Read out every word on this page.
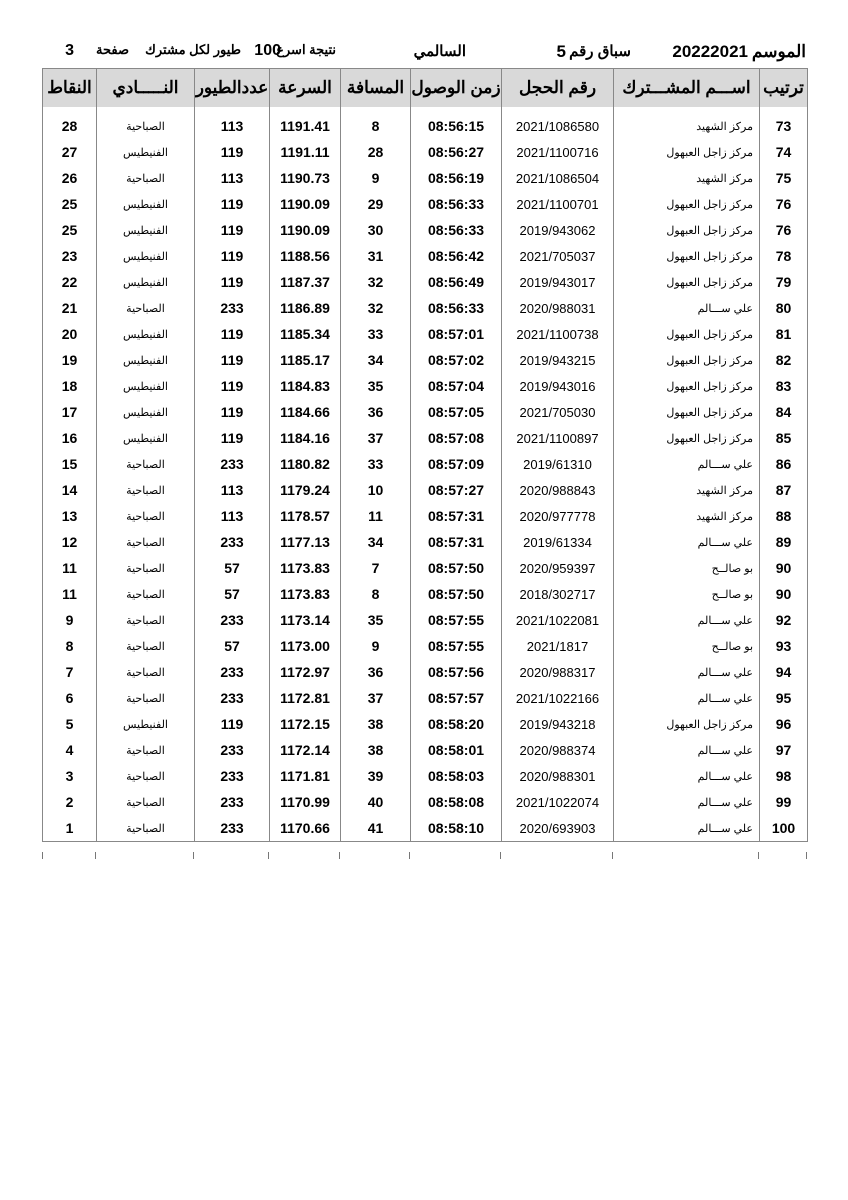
الموسم
20222021
سباق رقم
5
السالمي
نتيجة اسرع
100
طيور لكل مشترك
صفحة
3
ترتيب	اســـم المشـــترك	رقم الحجل	زمن الوصول	المسافة	السرعة	عددالطيور	النـــــادي	النقاط

73	مركز الشهيد	2021/1086580	08:56:15	8	1191.41	113	الصباحية	28
74	مركز زاجل العبهول	2021/1100716	08:56:27	28	1191.11	119	الفنيطيس	27
75	مركز الشهيد	2021/1086504	08:56:19	9	1190.73	113	الصباحية	26
76	مركز زاجل العبهول	2021/1100701	08:56:33	29	1190.09	119	الفنيطيس	25
76	مركز زاجل العبهول	2019/943062	08:56:33	30	1190.09	119	الفنيطيس	25
78	مركز زاجل العبهول	2021/705037	08:56:42	31	1188.56	119	الفنيطيس	23
79	مركز زاجل العبهول	2019/943017	08:56:49	32	1187.37	119	الفنيطيس	22
80	علي ســـالم	2020/988031	08:56:33	32	1186.89	233	الصباحية	21
81	مركز زاجل العبهول	2021/1100738	08:57:01	33	1185.34	119	الفنيطيس	20
82	مركز زاجل العبهول	2019/943215	08:57:02	34	1185.17	119	الفنيطيس	19
83	مركز زاجل العبهول	2019/943016	08:57:04	35	1184.83	119	الفنيطيس	18
84	مركز زاجل العبهول	2021/705030	08:57:05	36	1184.66	119	الفنيطيس	17
85	مركز زاجل العبهول	2021/1100897	08:57:08	37	1184.16	119	الفنيطيس	16
86	علي ســـالم	2019/61310	08:57:09	33	1180.82	233	الصباحية	15
87	مركز الشهيد	2020/988843	08:57:27	10	1179.24	113	الصباحية	14
88	مركز الشهيد	2020/977778	08:57:31	11	1178.57	113	الصباحية	13
89	علي ســـالم	2019/61334	08:57:31	34	1177.13	233	الصباحية	12
90	بو صالــح	2020/959397	08:57:50	7	1173.83	57	الصباحية	11
90	بو صالــح	2018/302717	08:57:50	8	1173.83	57	الصباحية	11
92	علي ســـالم	2021/1022081	08:57:55	35	1173.14	233	الصباحية	9
93	بو صالــح	2021/1817	08:57:55	9	1173.00	57	الصباحية	8
94	علي ســـالم	2020/988317	08:57:56	36	1172.97	233	الصباحية	7
95	علي ســـالم	2021/1022166	08:57:57	37	1172.81	233	الصباحية	6
96	مركز زاجل العبهول	2019/943218	08:58:20	38	1172.15	119	الفنيطيس	5
97	علي ســـالم	2020/988374	08:58:01	38	1172.14	233	الصباحية	4
98	علي ســـالم	2020/988301	08:58:03	39	1171.81	233	الصباحية	3
99	علي ســـالم	2021/1022074	08:58:08	40	1170.99	233	الصباحية	2
100	علي ســـالم	2020/693903	08:58:10	41	1170.66	233	الصباحية	1
